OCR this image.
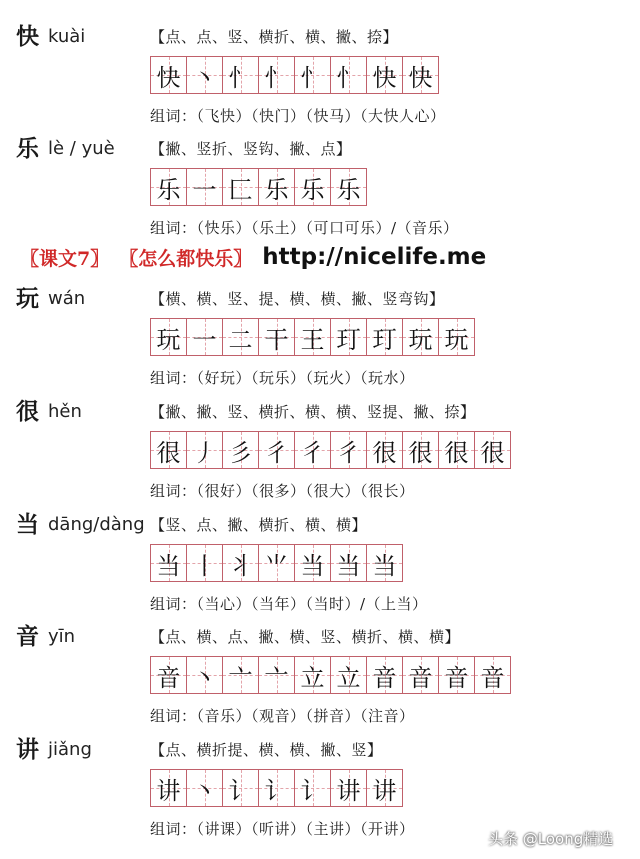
快 kuài	【点、点、竖、横折、横、撇、捺】
快 丶 忄 忄 忄 忄 快 快
组词：（飞快）（快门）（快马）（大快人心）
乐 lè / yuè 【撇、竖折、竖钩、撇、点】
乐 一 匚 乐 乐 乐
组词：（快乐）（乐土）（可口可乐）/（音乐）
玩 wán	【横、横、竖、提、横、横、撇、竖弯钩】
玩 一 二 干 王 玎 玎 玩 玩
组词：（好玩）（玩乐）（玩火）（玩水）
很 hěn	【撇、撇、竖、横折、横、横、竖提、撇、捺】
很 丿 彡 彳 彳 彳 很 很 很 很
组词：（很好）（很多）（很大）（很长）
当 dāng/dàng 【竖、点、撇、横折、横、横】
当 丨 丬 ⺌ 当 当 当
组词：（当心）（当年）（当时）/（上当）
音 yīn	【点、横、点、撇、横、竖、横折、横、横】
音 丶 亠 亠 立 立 音 音 音 音
组词：（音乐）（观音）（拼音）（注音）
讲 jiǎng	【点、横折提、横、横、撇、竖】
讲 丶 讠 讠 讠 讲 讲
组词：（讲课）（听讲）（主讲）（开讲）
〖课文7〗 〖怎么都快乐〗 http://nicelife.me
头条 @Loong精选
